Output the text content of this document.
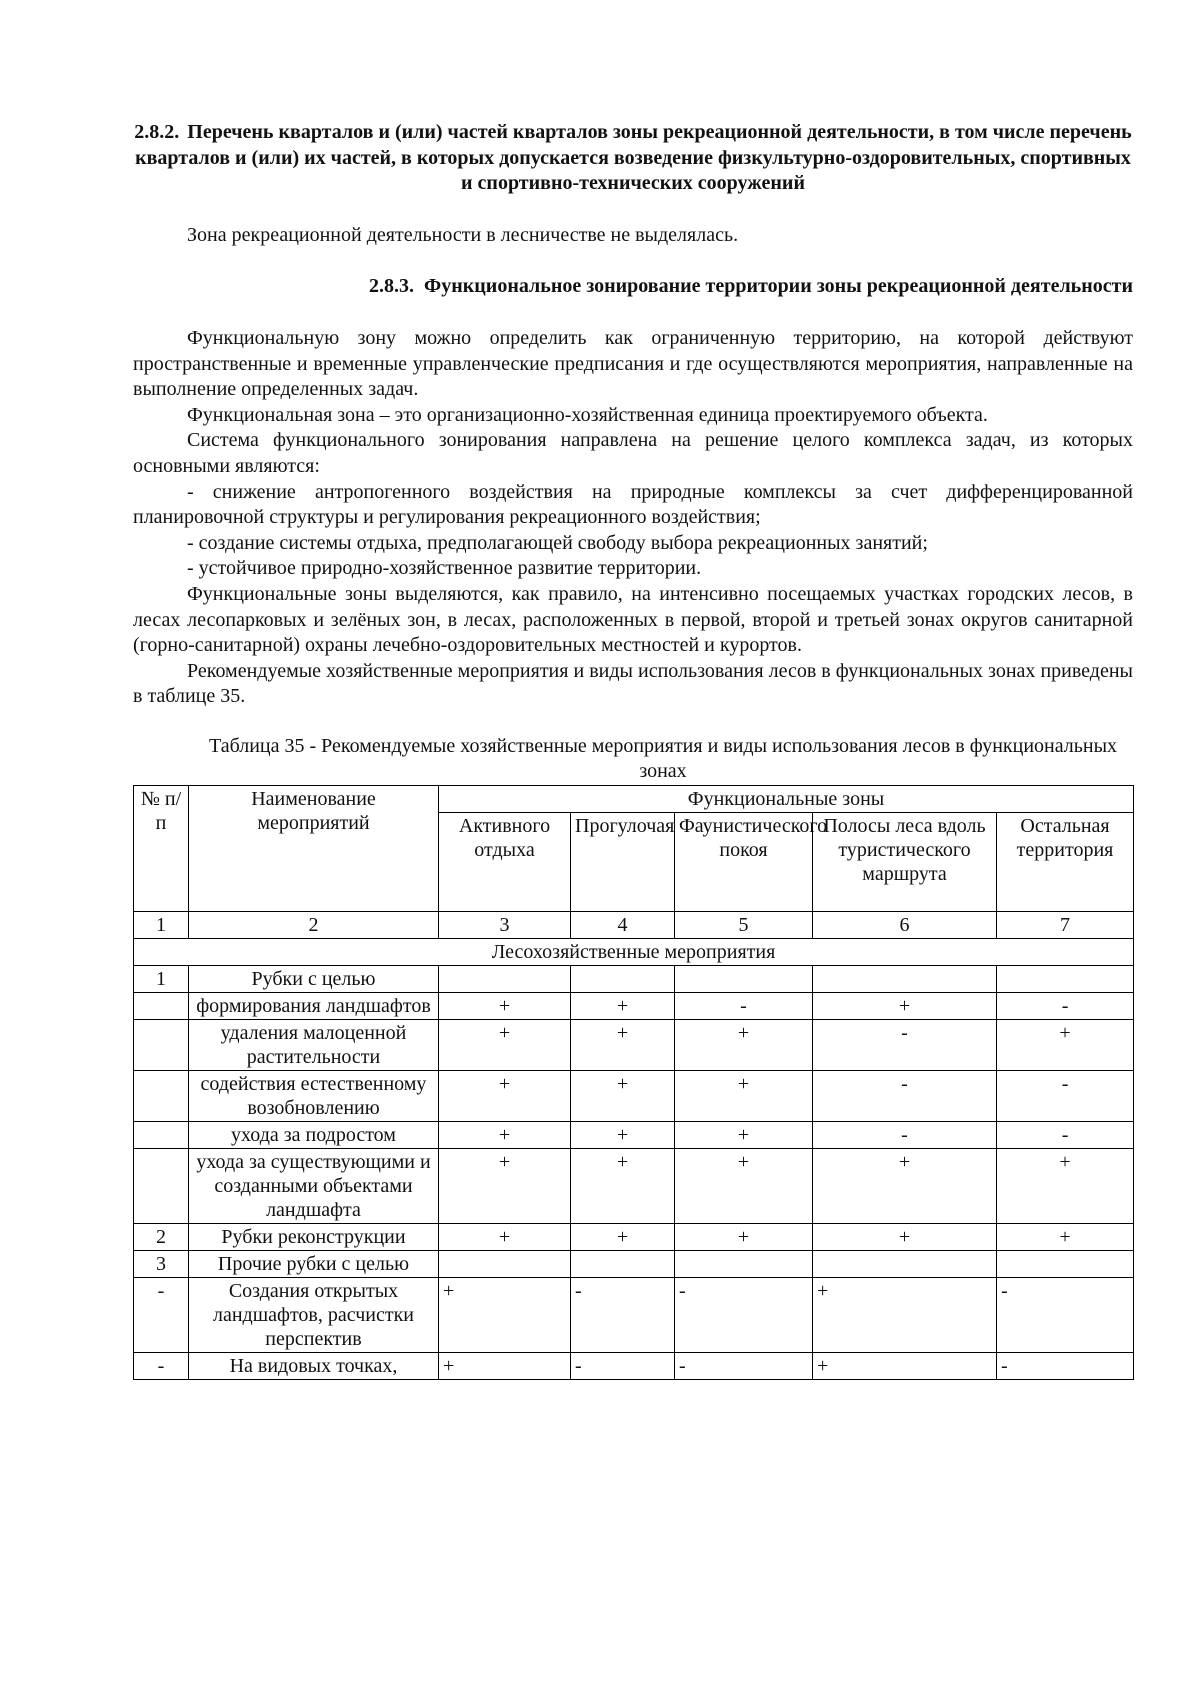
2.8.2. Перечень кварталов и (или) частей кварталов зоны рекреационной деятельности, в том числе перечень кварталов и (или) их частей, в которых допускается возведение физкультурно-оздоровительных, спортивных и спортивно-технических сооружений

Зона рекреационной деятельности в лесничестве не выделялась.

2.8.3. Функциональное зонирование территории зоны рекреационной деятельности

Функциональную зону можно определить как ограниченную территорию, на которой действуют пространственные и временные управленческие предписания и где осуществляются мероприятия, направленные на выполнение определенных задач.

Функциональная зона – это организационно-хозяйственная единица проектируемого объекта.

Система функционального зонирования направлена на решение целого комплекса задач, из которых основными являются:

- снижение антропогенного воздействия на природные комплексы за счет дифференцированной планировочной структуры и регулирования рекреационного воздействия;

- создание системы отдыха, предполагающей свободу выбора рекреационных занятий;

- устойчивое природно-хозяйственное развитие территории.

Функциональные зоны выделяются, как правило, на интенсивно посещаемых участках городских лесов, в лесах лесопарковых и зелёных зон, в лесах, расположенных в первой, второй и третьей зонах округов санитарной (горно-санитарной) охраны лечебно-оздоровительных местностей и курортов.

Рекомендуемые хозяйственные мероприятия и виды использования лесов в функциональных зонах приведены в таблице 35.

Таблица 35 - Рекомендуемые хозяйственные мероприятия и виды использования лесов в функциональных зонах
№ п/п	Наименование мероприятий	Функциональные зоны				
		Активного отдыха	Прогулочая	Фаунистического покоя	Полосы леса вдоль туристического маршрута	Остальная территория
1	2	3	4	5	6	7
Лесохозяйственные мероприятия						
1	Рубки с целью					
	формирования ландшафтов	+	+	-	+	-
	удаления малоценной растительности	+	+	+	-	+
	содействия естественному возобновлению	+	+	+	-	-
	ухода за подростом	+	+	+	-	-
	ухода за существующими и созданными объектами ландшафта	+	+	+	+	+
2	Рубки реконструкции	+	+	+	+	+
3	Прочие рубки с целью					
-	Создания открытых ландшафтов, расчистки перспектив	+	-	-	+	-
-	На видовых точках,	+	-	-	+	-
